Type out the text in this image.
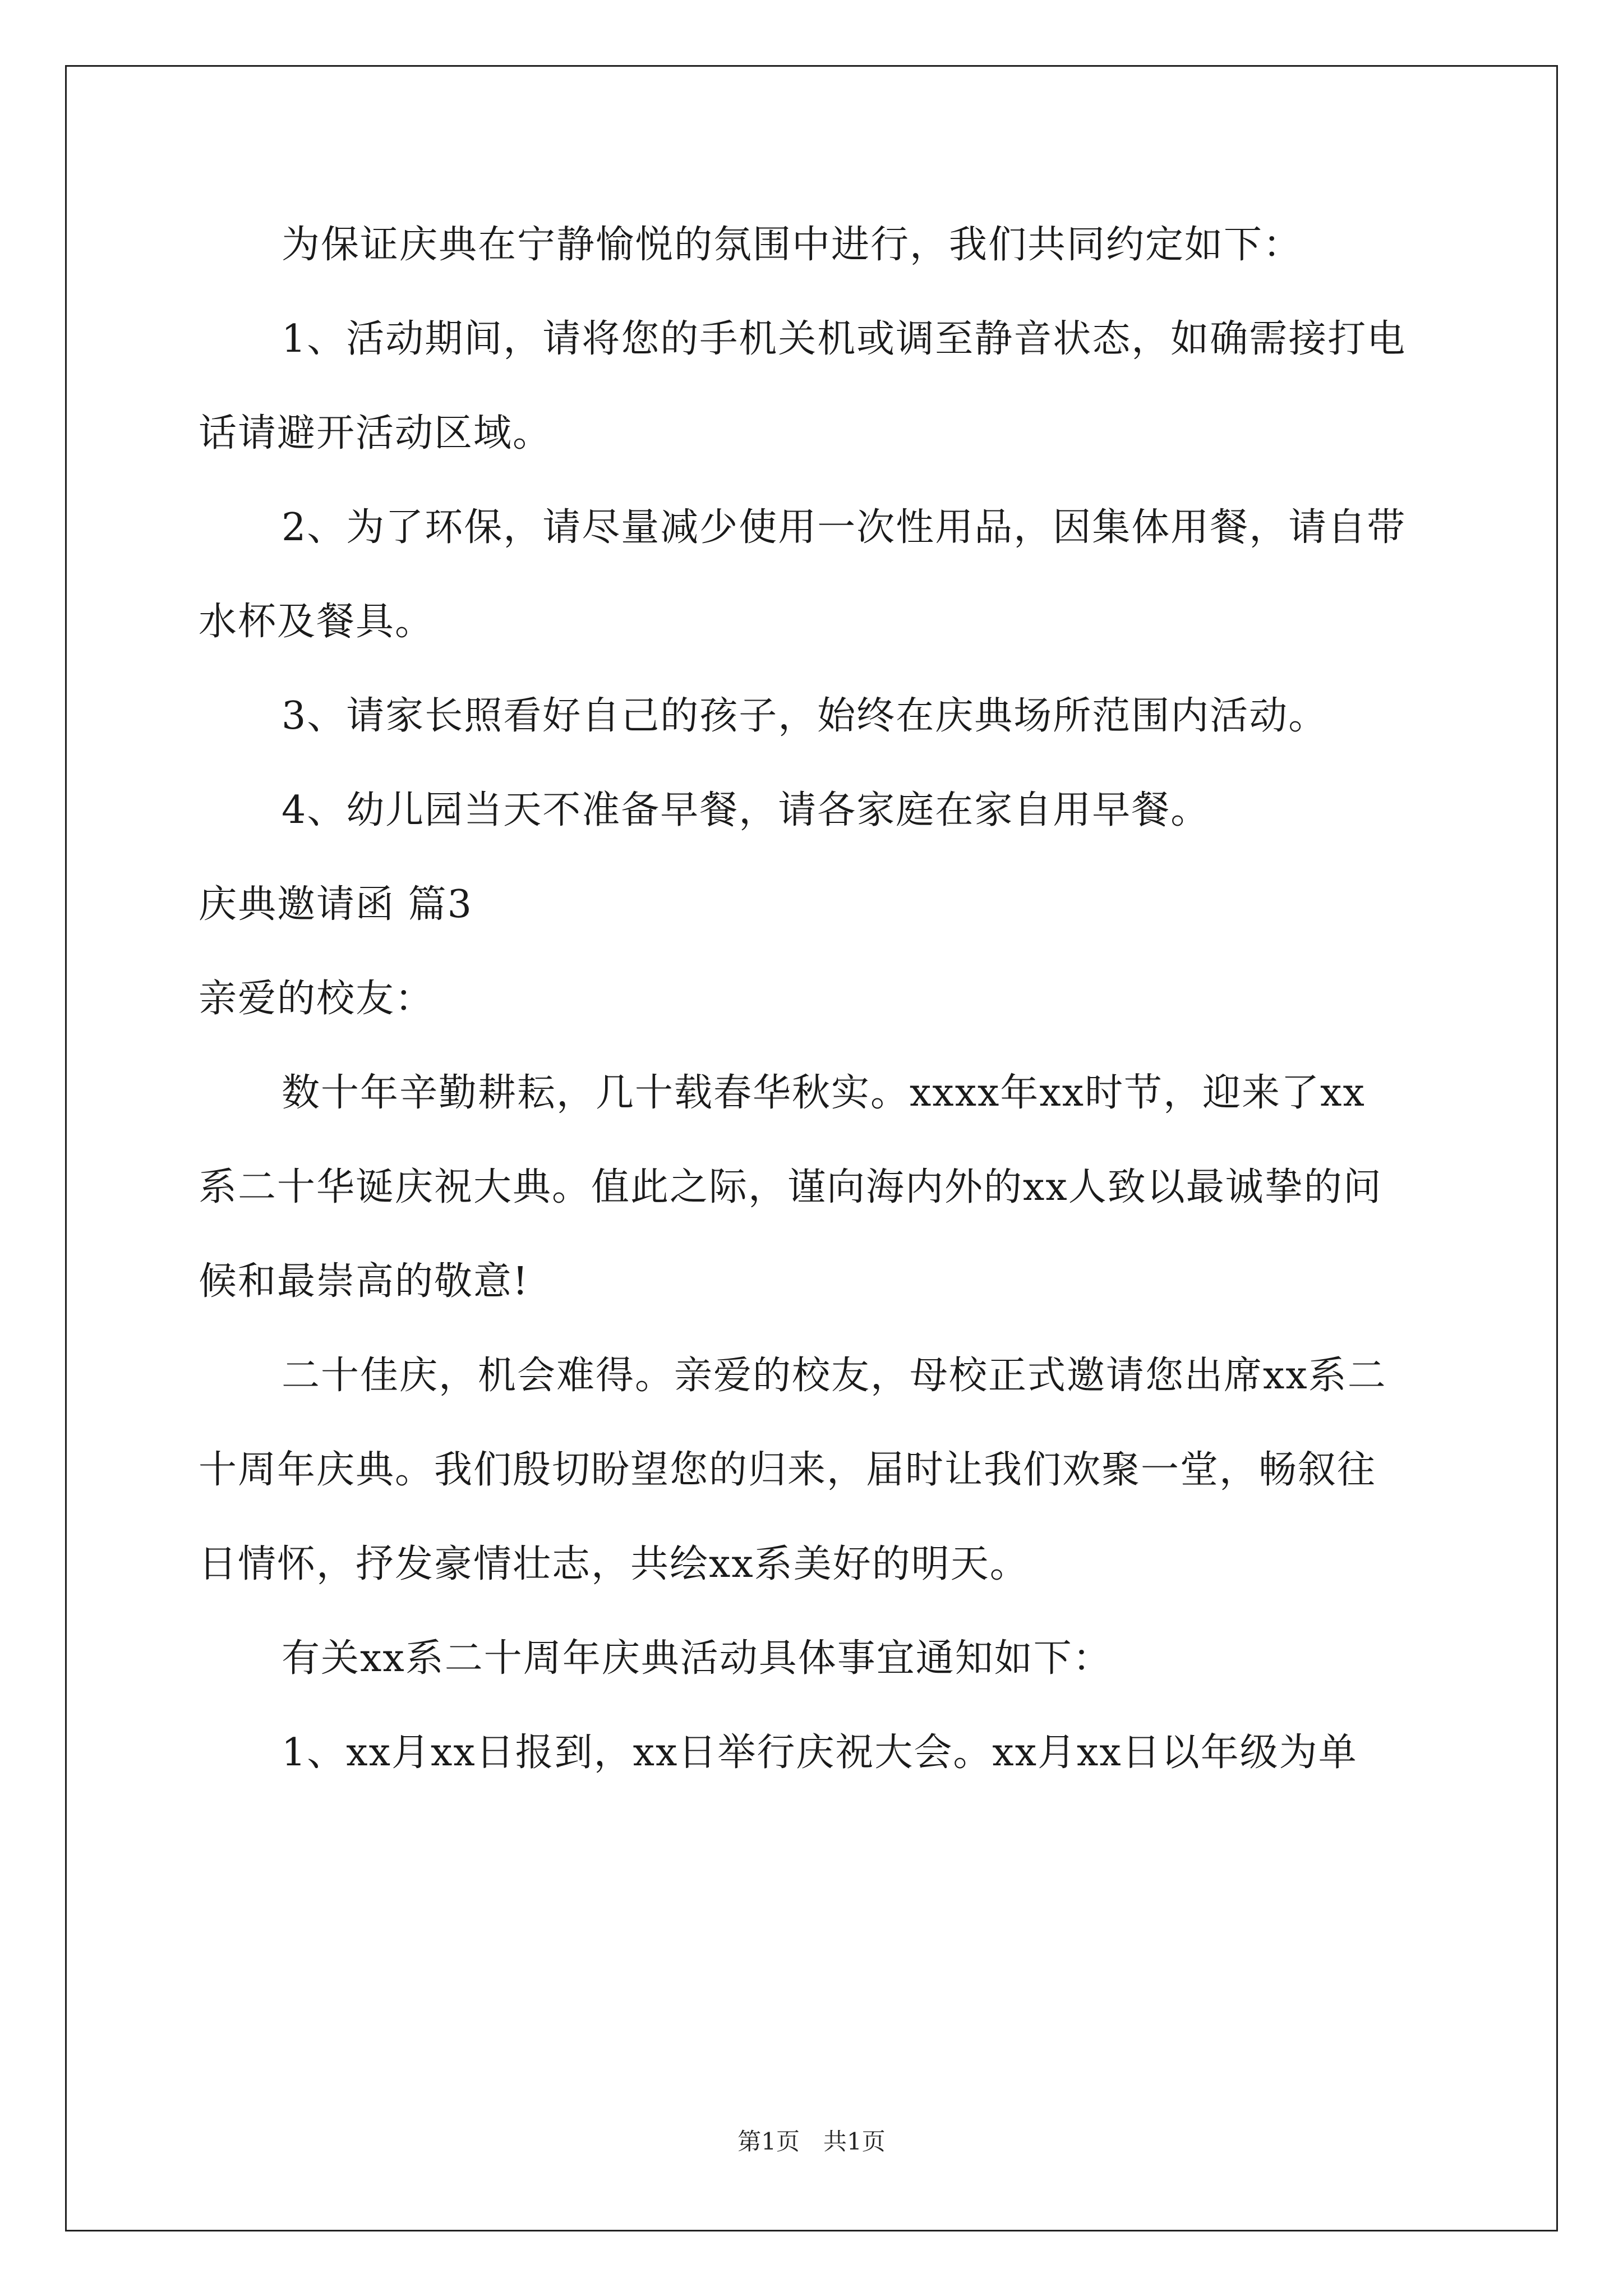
为保证庆典在宁静愉悦的氛围中进行，我们共同约定如下：

1、活动期间，请将您的手机关机或调至静音状态，如确需接打电

话请避开活动区域。

2、为了环保，请尽量减少使用一次性用品，因集体用餐，请自带

水杯及餐具。

3、请家长照看好自己的孩子，始终在庆典场所范围内活动。

4、幼儿园当天不准备早餐，请各家庭在家自用早餐。

庆典邀请函 篇3

亲爱的校友：

数十年辛勤耕耘，几十载春华秋实。xxxx年xx时节，迎来了xx

系二十华诞庆祝大典。值此之际，谨向海内外的xx人致以最诚挚的问

候和最崇高的敬意!

二十佳庆，机会难得。亲爱的校友，母校正式邀请您出席xx系二

十周年庆典。我们殷切盼望您的归来，届时让我们欢聚一堂，畅叙往

日情怀，抒发豪情壮志，共绘xx系美好的明天。

有关xx系二十周年庆典活动具体事宜通知如下：

1、xx月xx日报到，xx日举行庆祝大会。xx月xx日以年级为单

第1页　共1页
